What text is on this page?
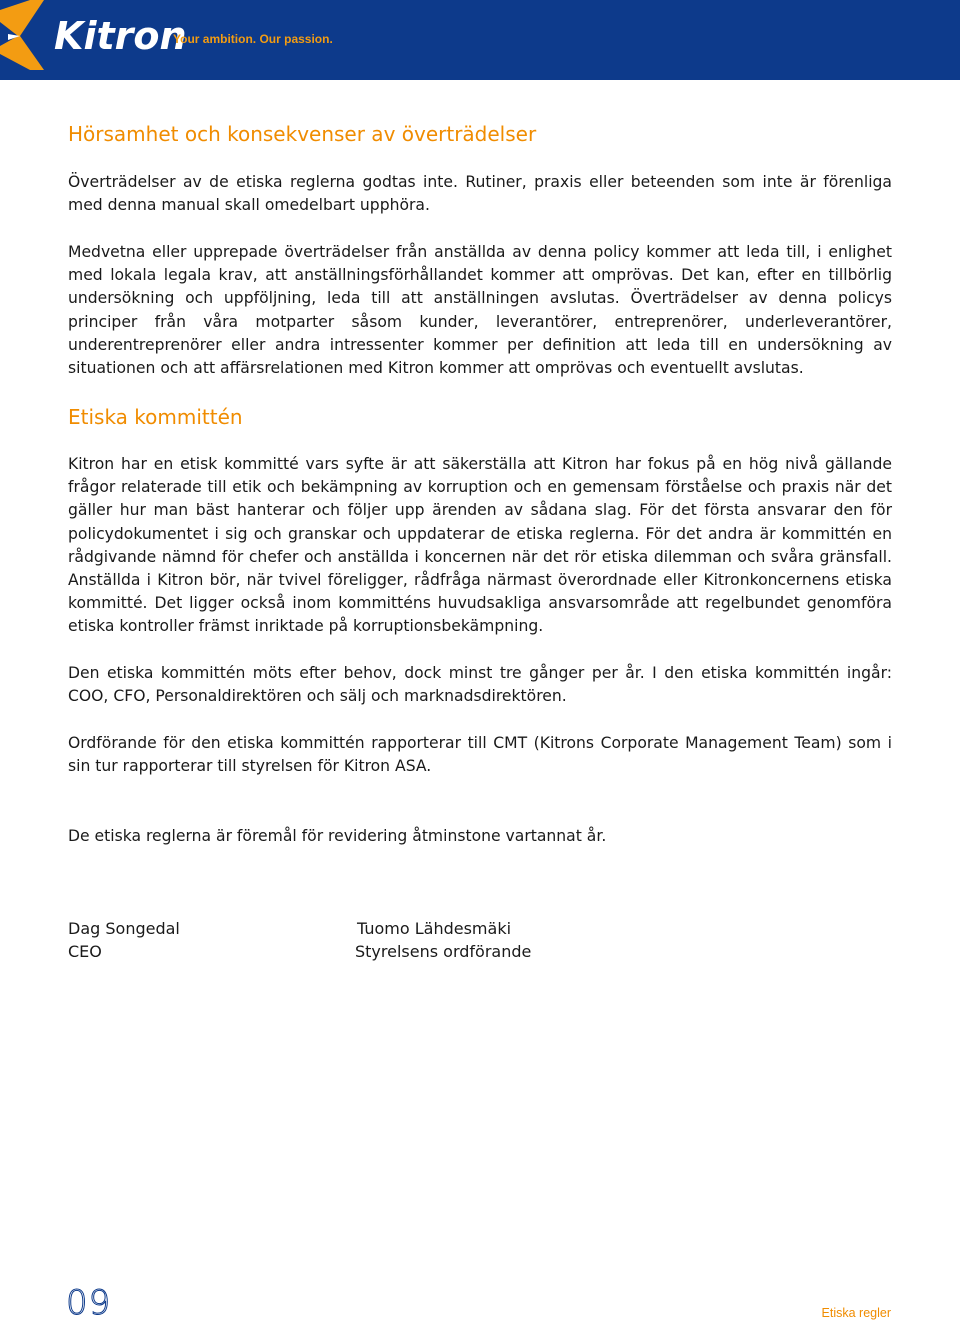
Kitron
Your ambition. Our passion.
Hörsamhet och konsekvenser av överträdelser

Överträdelser av de etiska reglerna godtas inte. Rutiner, praxis eller beteenden som inte är förenliga med denna manual skall omedelbart upphöra.

Medvetna eller upprepade överträdelser från anställda av denna policy kommer att leda till, i enlighet med lokala legala krav, att anställningsförhållandet kommer att omprövas. Det kan, efter en tillbörlig undersökning och uppföljning, leda till att anställningen avslutas. Överträdelser av denna policys principer från våra motparter såsom kunder, leverantörer, entreprenörer, underleverantörer, underentreprenörer eller andra intressenter kommer per definition att leda till en undersökning av situationen och att affärsrelationen med Kitron kommer att omprövas och eventuellt avslutas.

Etiska kommittén

Kitron har en etisk kommitté vars syfte är att säkerställa att Kitron har fokus på en hög nivå gällande frågor relaterade till etik och bekämpning av korruption och en gemensam förståelse och praxis när det gäller hur man bäst hanterar och följer upp ärenden av sådana slag. För det första ansvarar den för policydokumentet i sig och granskar och uppdaterar de etiska reglerna. För det andra är kommittén en rådgivande nämnd för chefer och anställda i koncernen när det rör etiska dilemman och svåra gränsfall. Anställda i Kitron bör, när tvivel föreligger, rådfråga närmast överordnade eller Kitronkoncernens etiska kommitté. Det ligger också inom kommitténs huvudsakliga ansvarsområde att regelbundet genomföra etiska kontroller främst inriktade på korruptionsbekämpning.

Den etiska kommittén möts efter behov, dock minst tre gånger per år. I den etiska kommittén ingår: COO, CFO, Personaldirektören och sälj och marknadsdirektören.

Ordförande för den etiska kommittén rapporterar till CMT (Kitrons Corporate Management Team) som i sin tur rapporterar till styrelsen för Kitron ASA.

De etiska reglerna är föremål för revidering åtminstone vartannat år.

Dag Songedal
CEO
Tuomo Lähdesmäki
Styrelsens ordförande
09	Etiska regler
